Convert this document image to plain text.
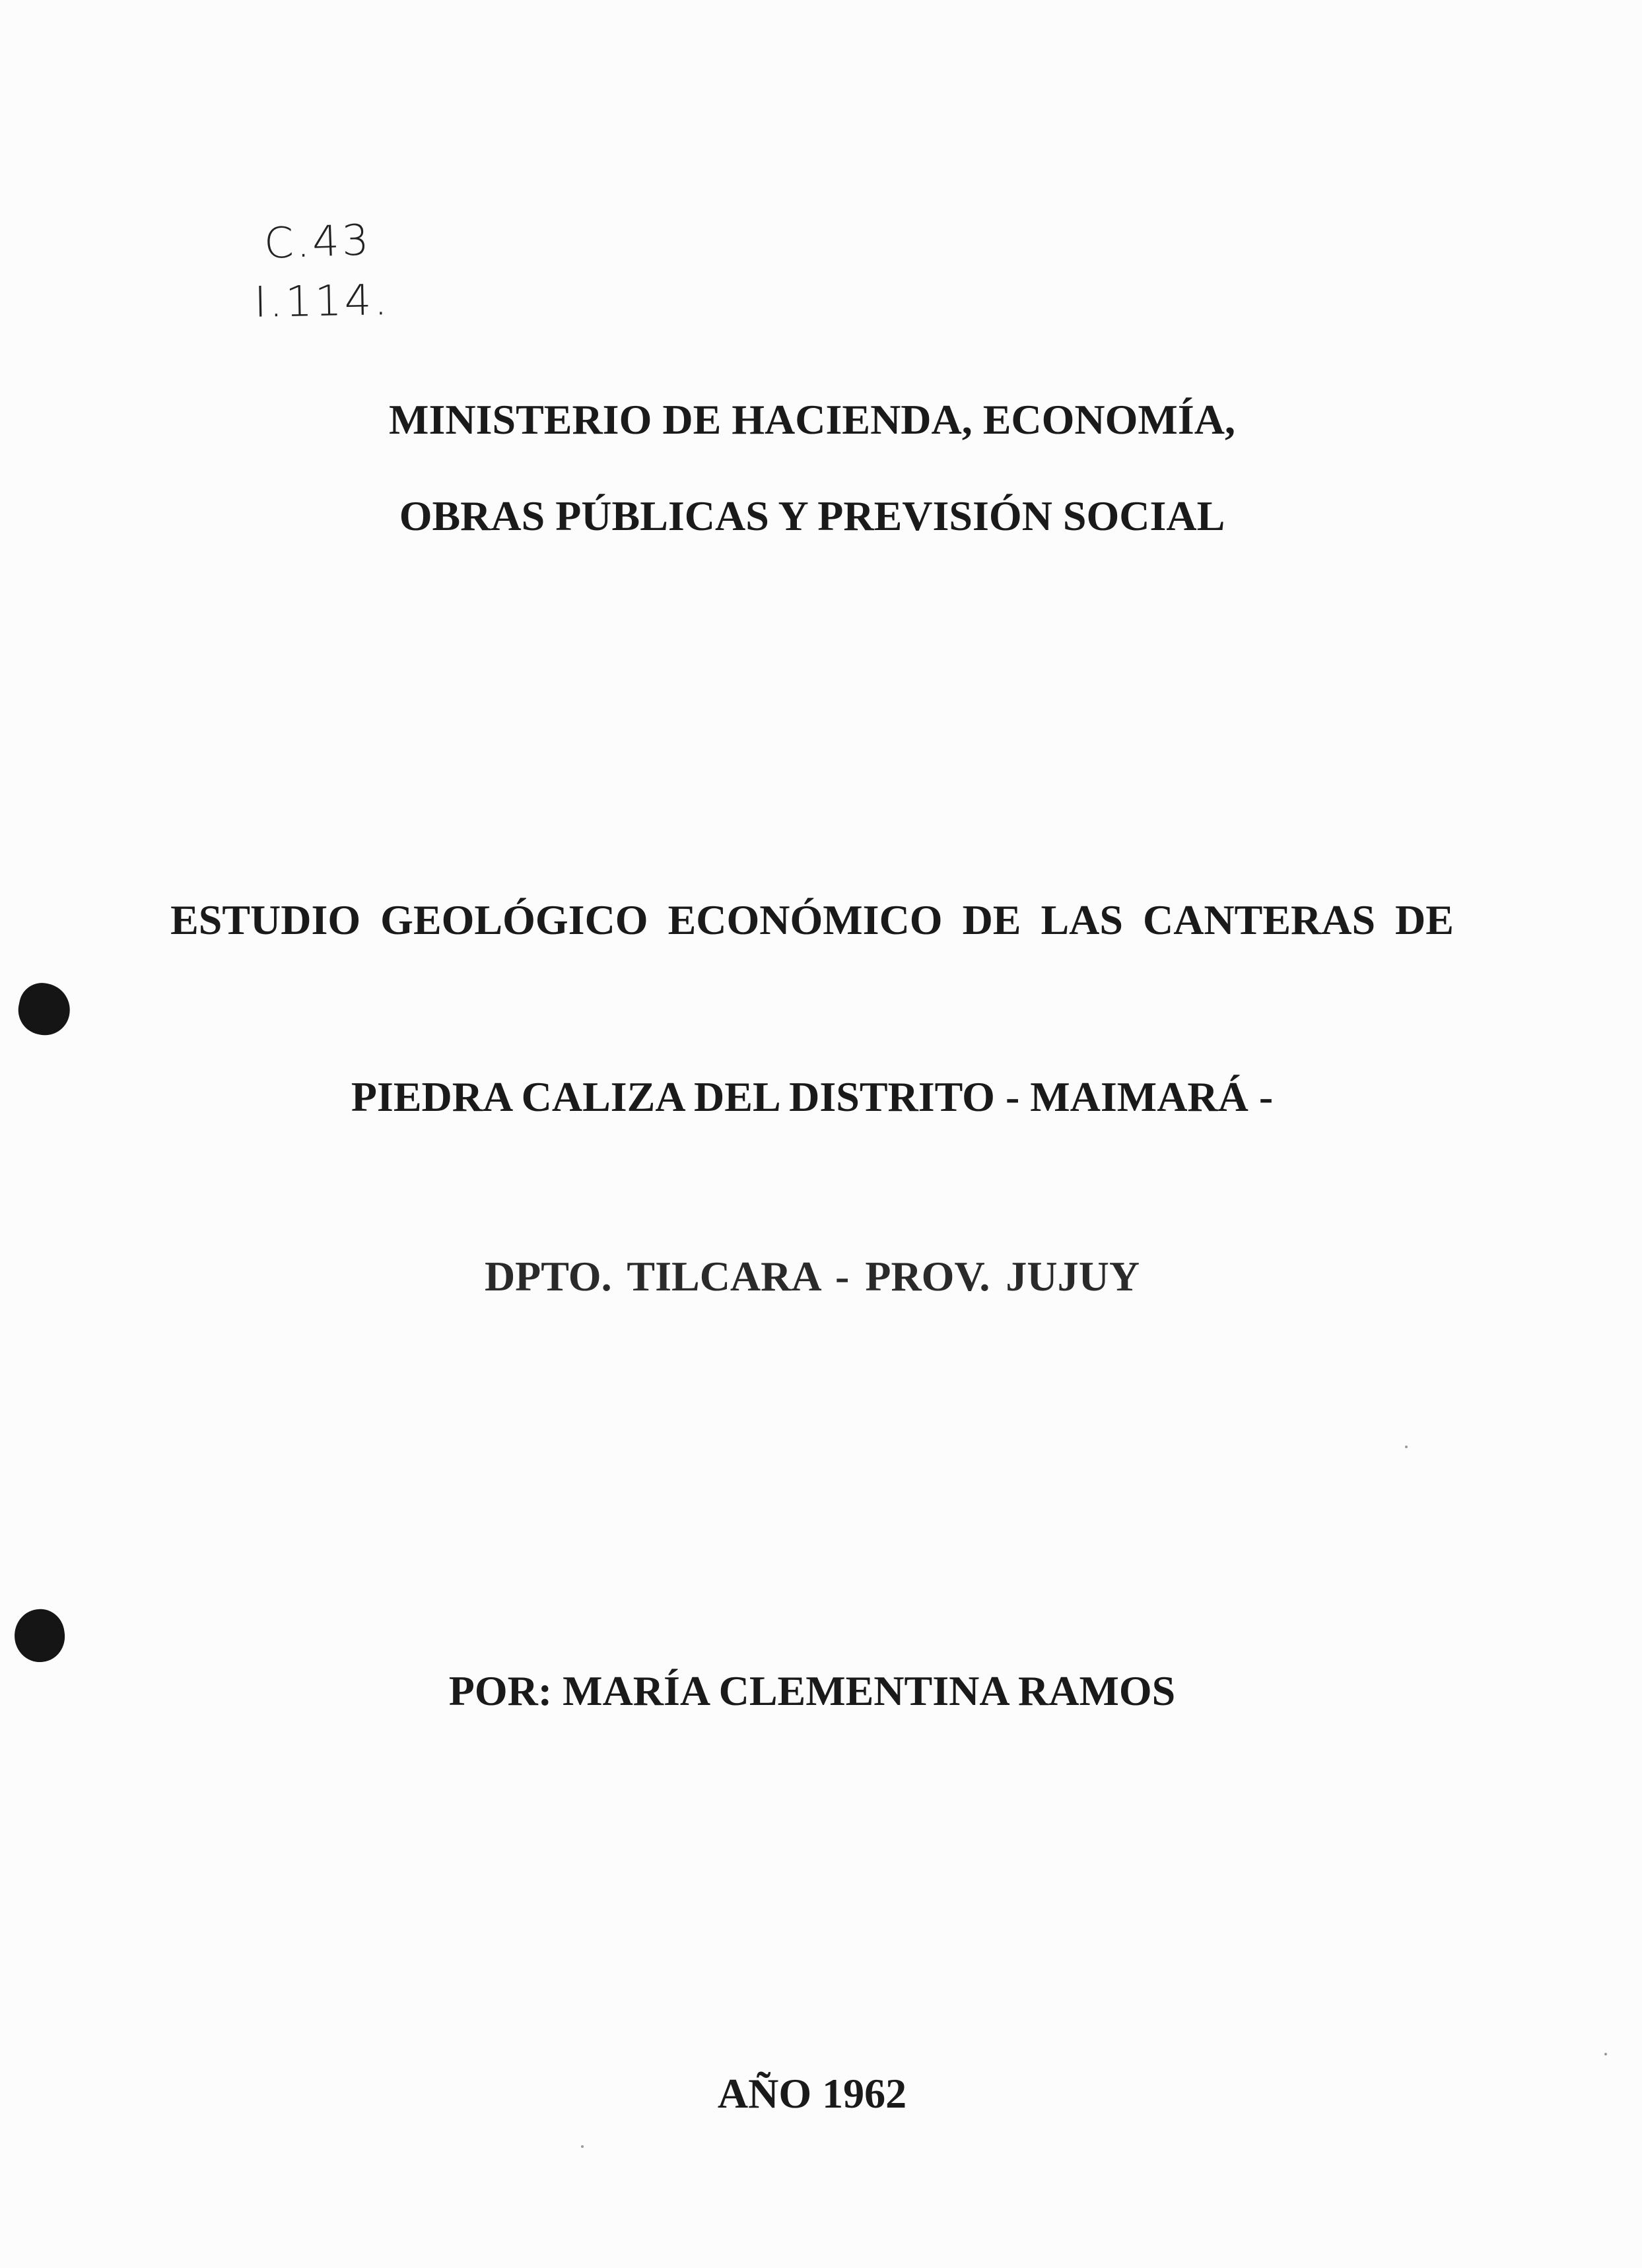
C.43
I.114.
MINISTERIO DE HACIENDA, ECONOMÍA,
OBRAS PÚBLICAS Y PREVISIÓN SOCIAL
ESTUDIO GEOLÓGICO ECONÓMICO DE LAS CANTERAS DE
PIEDRA CALIZA DEL DISTRITO - MAIMARÁ -
DPTO. TILCARA - PROV. JUJUY
POR: MARÍA CLEMENTINA RAMOS
AÑO 1962
